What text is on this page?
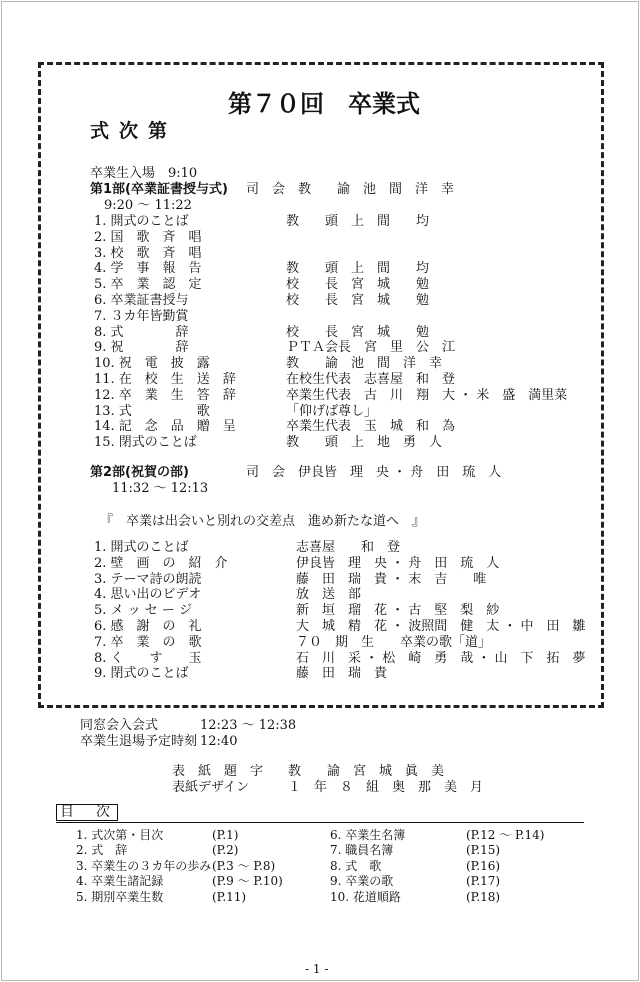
第７０回　卒業式
式次第
卒業生入場　9:10
第1部(卒業証書授与式) 司　会　教　　諭　池　間　洋　幸
9:20 ～ 11:22
1. 開式のことば	教　　頭　上　間　　均
2. 国　歌　斉　唱
3. 校　歌　斉　唱
4. 学　事　報　告	教　　頭　上　間　　均
5. 卒　業　認　定	校　　長　宮　城　　勉
6. 卒業証書授与	校　　長　宮　城　　勉
7. ３カ年皆勤賞
8. 式　　　　辞	校　　長　宮　城　　勉
9. 祝　　　　辞	ＰＴＡ会長　宮　里　公　江
10. 祝　電　披　露	教　　諭　池　間　洋　幸
11. 在　校　生　送　辞	在校生代表　志喜屋　和　登
12. 卒　業　生　答　辞	卒業生代表　古　川　翔　大 ・ 米　盛　満里菜
13. 式　　　　　歌	「仰げば尊し」
14. 記　念　品　贈　呈	卒業生代表　玉　城　和　為
15. 閉式のことば	教　　頭　上　地　勇　人
第2部(祝賀の部)	司　会　伊良皆　理　央 ・ 舟　田　琉　人
11:32 ～ 12:13
『　卒業は出会いと別れの交差点　進め新たな道へ　』
1. 開式のことば	志喜屋　　和　登
2. 壁　画　の　紹　介	伊良皆　理　央 ・ 舟　田　琉　人
3. テーマ詩の朗読	藤　田　瑞　貴 ・ 末　吉　　唯
4. 思い出のビデオ	放　送　部
5. メ ッ セ ー ジ	新　垣　瑠　花 ・ 古　堅　梨　紗
6. 感　謝　の　礼	大　城　精　花 ・ 波照間　健　太 ・ 中　田　雛
7. 卒　業　の　歌	７０　期　生　　卒業の歌「道」
8. く　　す　　玉	石　川　采 ・ 松　崎　勇　哉 ・ 山　下　拓　夢
9. 閉式のことば	藤　田　瑞　貴
同窓会入会式	12:23 ～ 12:38
卒業生退場予定時刻 12:40
表　紙　題　字 教　　諭　宮　城　眞　美
表紙デザイン	１　年　８　組　奥　那　美　月
目　次
1. 式次第・目次	(P.1)
2. 式　辞	(P.2)
3. 卒業生の３カ年の歩み (P.3 ～ P.8)
4. 卒業生諸記録	(P.9 ～ P.10)
5. 期別卒業生数	(P.11)
6. 卒業生名簿	(P.12 ～ P.14)
7. 職員名簿	(P.15)
8. 式　歌	(P.16)
9. 卒業の歌	(P.17)
10. 花道順路	(P.18)
- 1 -
